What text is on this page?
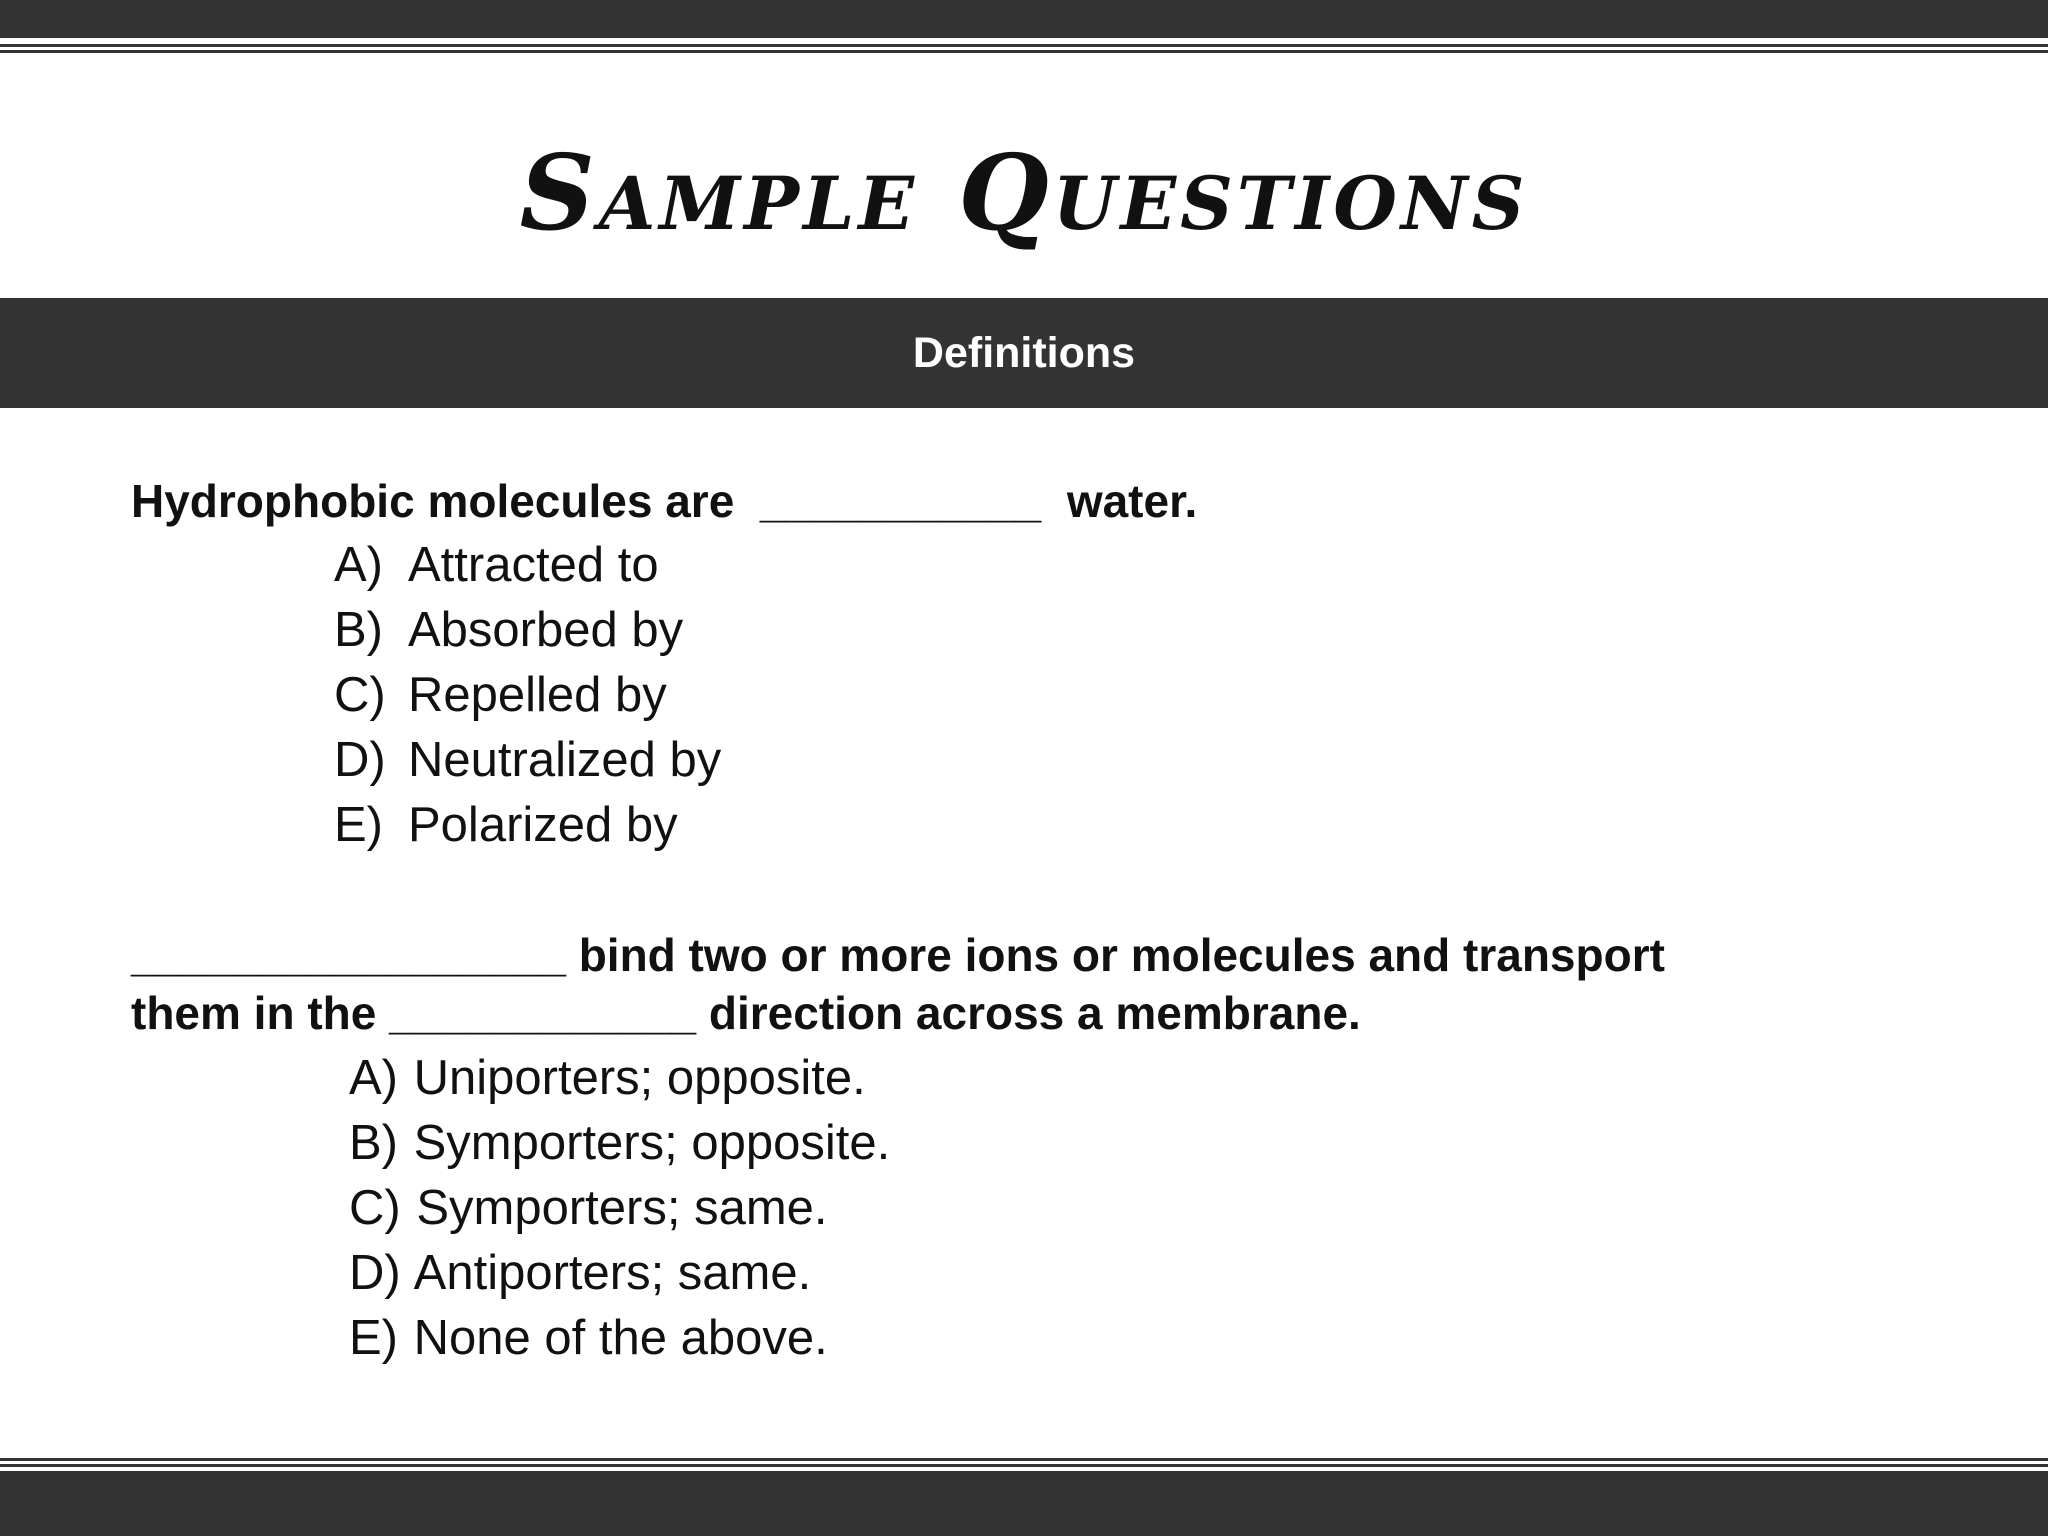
Sample Questions
Definitions

Hydrophobic molecules are  ___________  water.

A) Attracted to
B) Absorbed by
C) Repelled by
D) Neutralized by
E) Polarized by
_________________ bind two or more ions or molecules and transport
them in the ____________ direction across a membrane.
A) Uniporters; opposite.
B) Symporters; opposite.
C) Symporters; same.
D) Antiporters; same.
E) None of the above.
